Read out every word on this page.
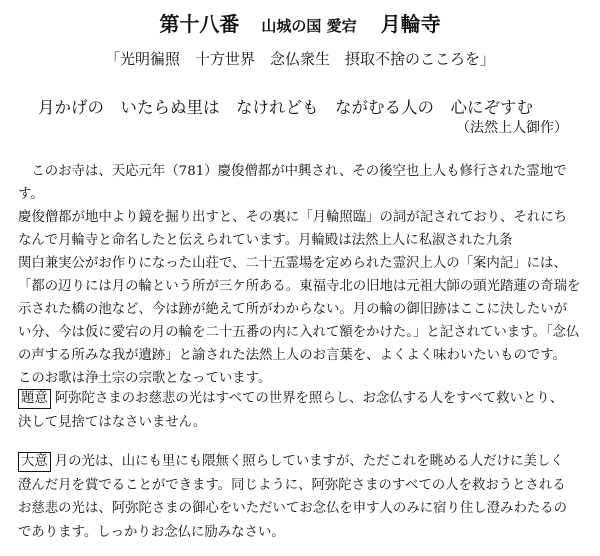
第十八番 山城の国 愛宕 月輪寺
「光明徧照　十方世界　念仏衆生　摂取不捨のこころを」
月かげの　いたらぬ里は　なけれども　ながむる人の　心にぞすむ
（法然上人御作）

このお寺は、天応元年（781）慶俊僧都が中興され、その後空也上人も修行された霊地です。

慶俊僧都が地中より鏡を掘り出すと、その裏に「月輪照臨」の詞が記されており、それにち

なんで月輪寺と命名したと伝えられています。月輪殿は法然上人に私淑された九条

関白兼実公がお作りになった山荘で、二十五霊場を定められた霊沢上人の「案内記」には、

「都の辺りには月の輪という所が三ケ所ある。東福寺北の旧地は元祖大師の頭光踏蓮の奇瑞を

示された橋の池など、今は跡が絶えて所がわからない。月の輪の御旧跡はここに決したいが

い分、今は仮に愛宕の月の輪を二十五番の内に入れて額をかけた。」と記されています。「念仏

の声する所みな我が遺跡」と諭された法然上人のお言葉を、よくよく味わいたいものです。

このお歌は浄土宗の宗歌となっています。

題意 阿弥陀さまのお慈悲の光はすべての世界を照らし、お念仏する人をすべて救いとり、

決して見捨てはなさいません。

大意 月の光は、山にも里にも隈無く照らしていますが、ただこれを眺める人だけに美しく

澄んだ月を賞でることができます。同じように、阿弥陀さまのすべての人を救おうとされる

お慈悲の光は、阿弥陀さまの御心をいただいてお念仏を申す人のみに宿り住し澄みわたるの

であります。しっかりお念仏に励みなさい。
